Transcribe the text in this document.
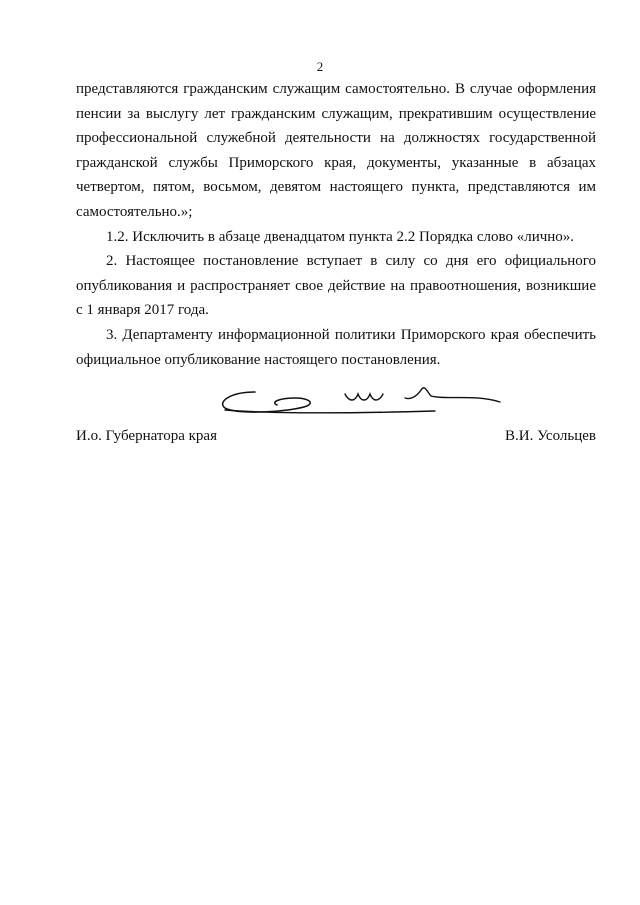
2

представляются гражданским служащим самостоятельно. В случае оформления пенсии за выслугу лет гражданским служащим, прекратившим осуществление профессиональной служебной деятельности на должностях государственной гражданской службы Приморского края, документы, указанные в абзацах четвертом, пятом, восьмом, девятом настоящего пункта, представляются им самостоятельно.»;

1.2. Исключить в абзаце двенадцатом пункта 2.2 Порядка слово «лично».

2. Настоящее постановление вступает в силу со дня его официального опубликования и распространяет свое действие на правоотношения, возникшие с 1 января 2017 года.

3. Департаменту информационной политики Приморского края обеспечить официальное опубликование настоящего постановления.

И.о. Губернатора края	В.И. Усольцев
